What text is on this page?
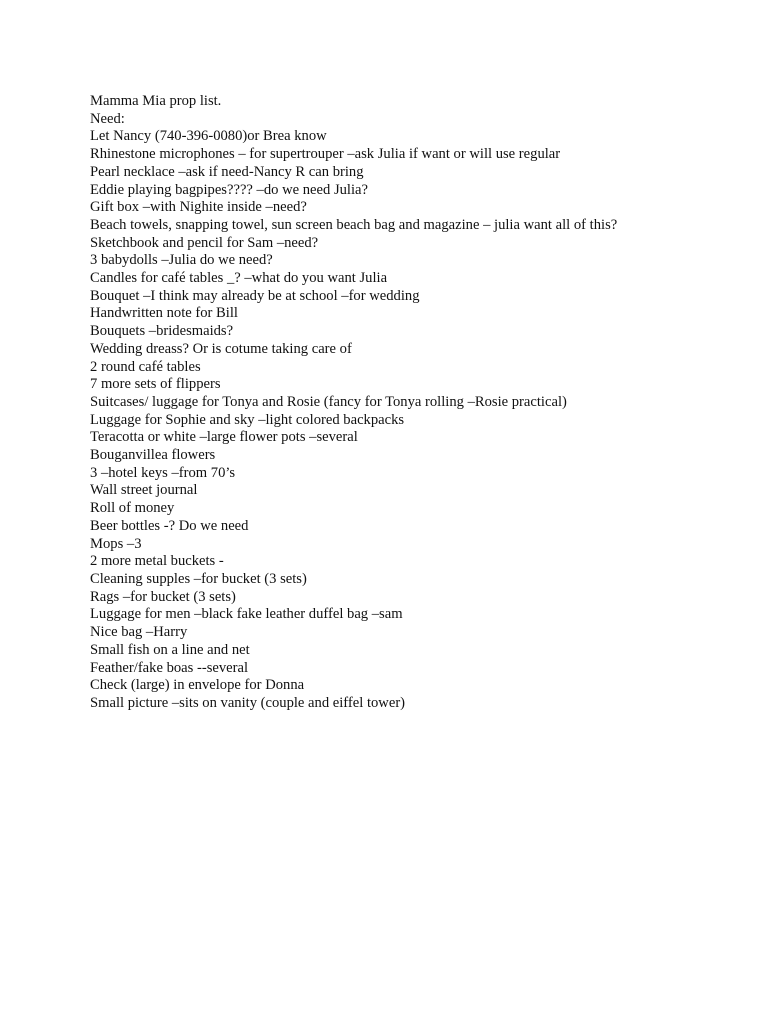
Mamma Mia prop list.
Need:
Let Nancy (740-396-0080)or Brea know
Rhinestone microphones – for supertrouper –ask Julia if want or will use regular
Pearl necklace –ask if need-Nancy R can bring
Eddie playing bagpipes???? –do we need Julia?
Gift box –with Nighite inside –need?
Beach towels, snapping towel, sun screen beach bag and magazine – julia want all of this?
Sketchbook and pencil for Sam –need?
3 babydolls –Julia do we need?
Candles for café tables _? –what do you want Julia
Bouquet –I think may already be at school –for wedding
Handwritten note for Bill
Bouquets –bridesmaids?
Wedding dreass? Or is cotume taking care of
2 round café tables
7 more sets of flippers
Suitcases/ luggage for Tonya and Rosie (fancy for Tonya rolling –Rosie practical)
Luggage for Sophie and sky –light colored backpacks
Teracotta or white –large flower pots –several
Bouganvillea flowers
3 –hotel keys –from 70’s
Wall street journal
Roll of money
Beer bottles -? Do we need
Mops –3
2 more metal buckets -
Cleaning supples –for bucket (3 sets)
Rags –for bucket (3 sets)
Luggage for men –black fake leather duffel bag –sam
Nice bag –Harry
Small fish on a line and net
Feather/fake boas --several
Check (large) in envelope for Donna
Small picture –sits on vanity (couple and eiffel tower)
